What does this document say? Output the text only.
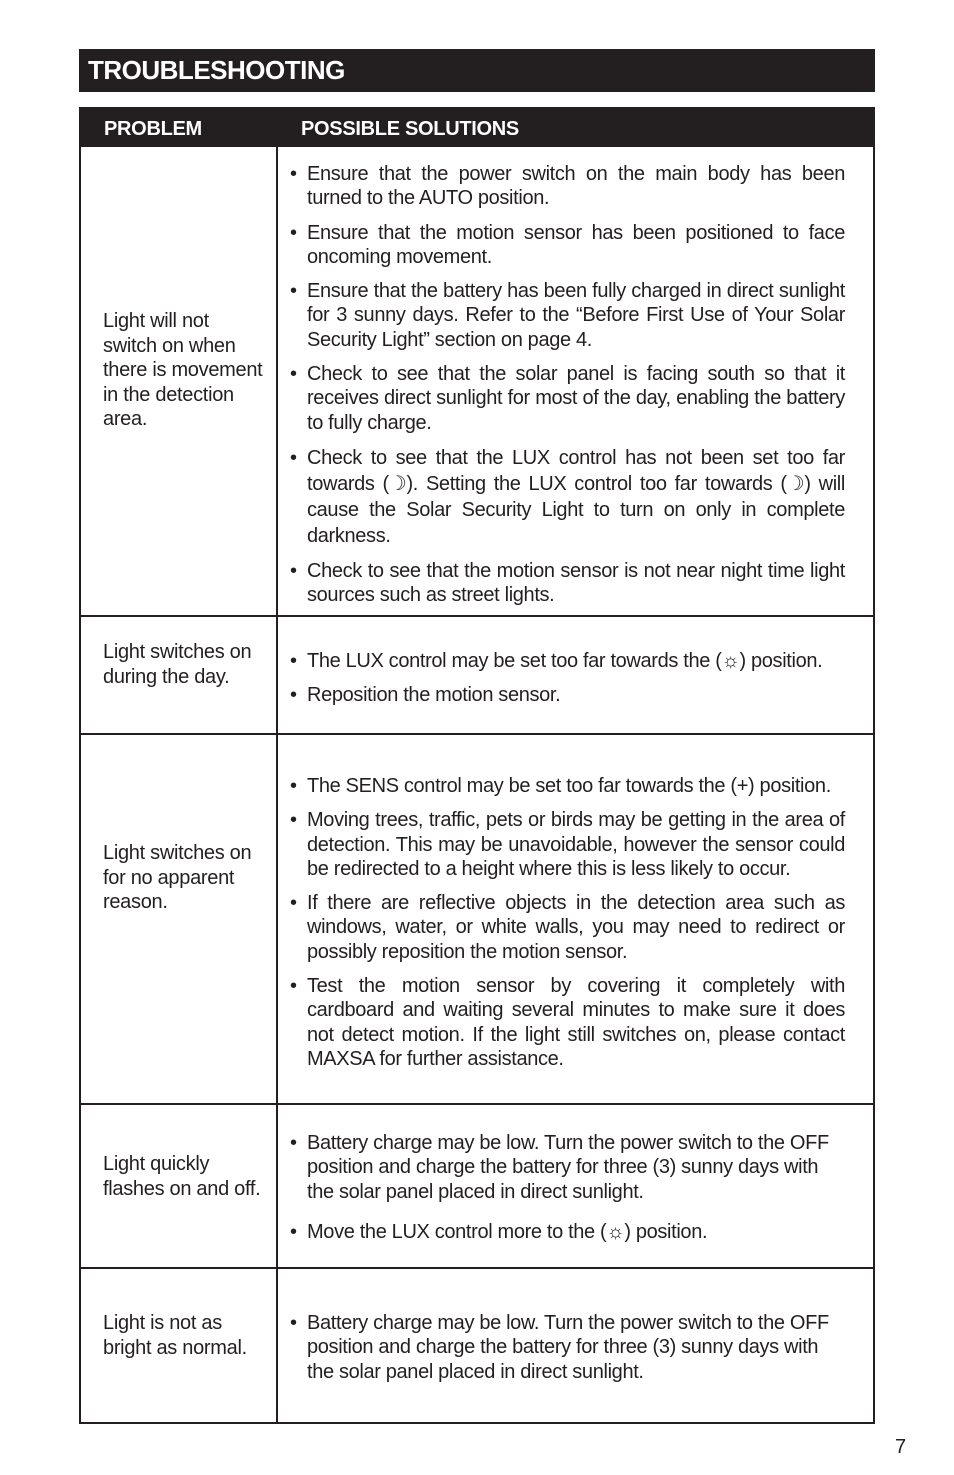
TROUBLESHOOTING
PROBLEM	POSSIBLE SOLUTIONS
Light will not switch on when there is movement in the detection area.
• Ensure that the power switch on the main body has been turned to the AUTO position.
• Ensure that the motion sensor has been positioned to face oncoming movement.
• Ensure that the battery has been fully charged in direct sunlight for 3 sunny days. Refer to the “Before First Use of Your Solar Security Light” section on page 4.
• Check to see that the solar panel is facing south so that it receives direct sunlight for most of the day, enabling the battery to fully charge.
• Check to see that the LUX control has not been set too far towards (☽). Setting the LUX control too far towards (☽) will cause the Solar Security Light to turn on only in complete darkness.
• Check to see that the motion sensor is not near night time light sources such as street lights.
Light switches on during the day.
• The LUX control may be set too far towards the (☼) position.
• Reposition the motion sensor.
Light switches on for no apparent reason.
• The SENS control may be set too far towards the (+) position.
• Moving trees, traffic, pets or birds may be getting in the area of detection. This may be unavoidable, however the sensor could be redirected to a height where this is less likely to occur.
• If there are reflective objects in the detection area such as windows, water, or white walls, you may need to redirect or possibly reposition the motion sensor.
• Test the motion sensor by covering it completely with cardboard and waiting several minutes to make sure it does not detect motion. If the light still switches on, please contact MAXSA for further assistance.
Light quickly flashes on and off.
• Battery charge may be low. Turn the power switch to the OFF position and charge the battery for three (3) sunny days with the solar panel placed in direct sunlight.
• Move the LUX control more to the (☼) position.
Light is not as bright as normal.
• Battery charge may be low. Turn the power switch to the OFF position and charge the battery for three (3) sunny days with the solar panel placed in direct sunlight.
7
